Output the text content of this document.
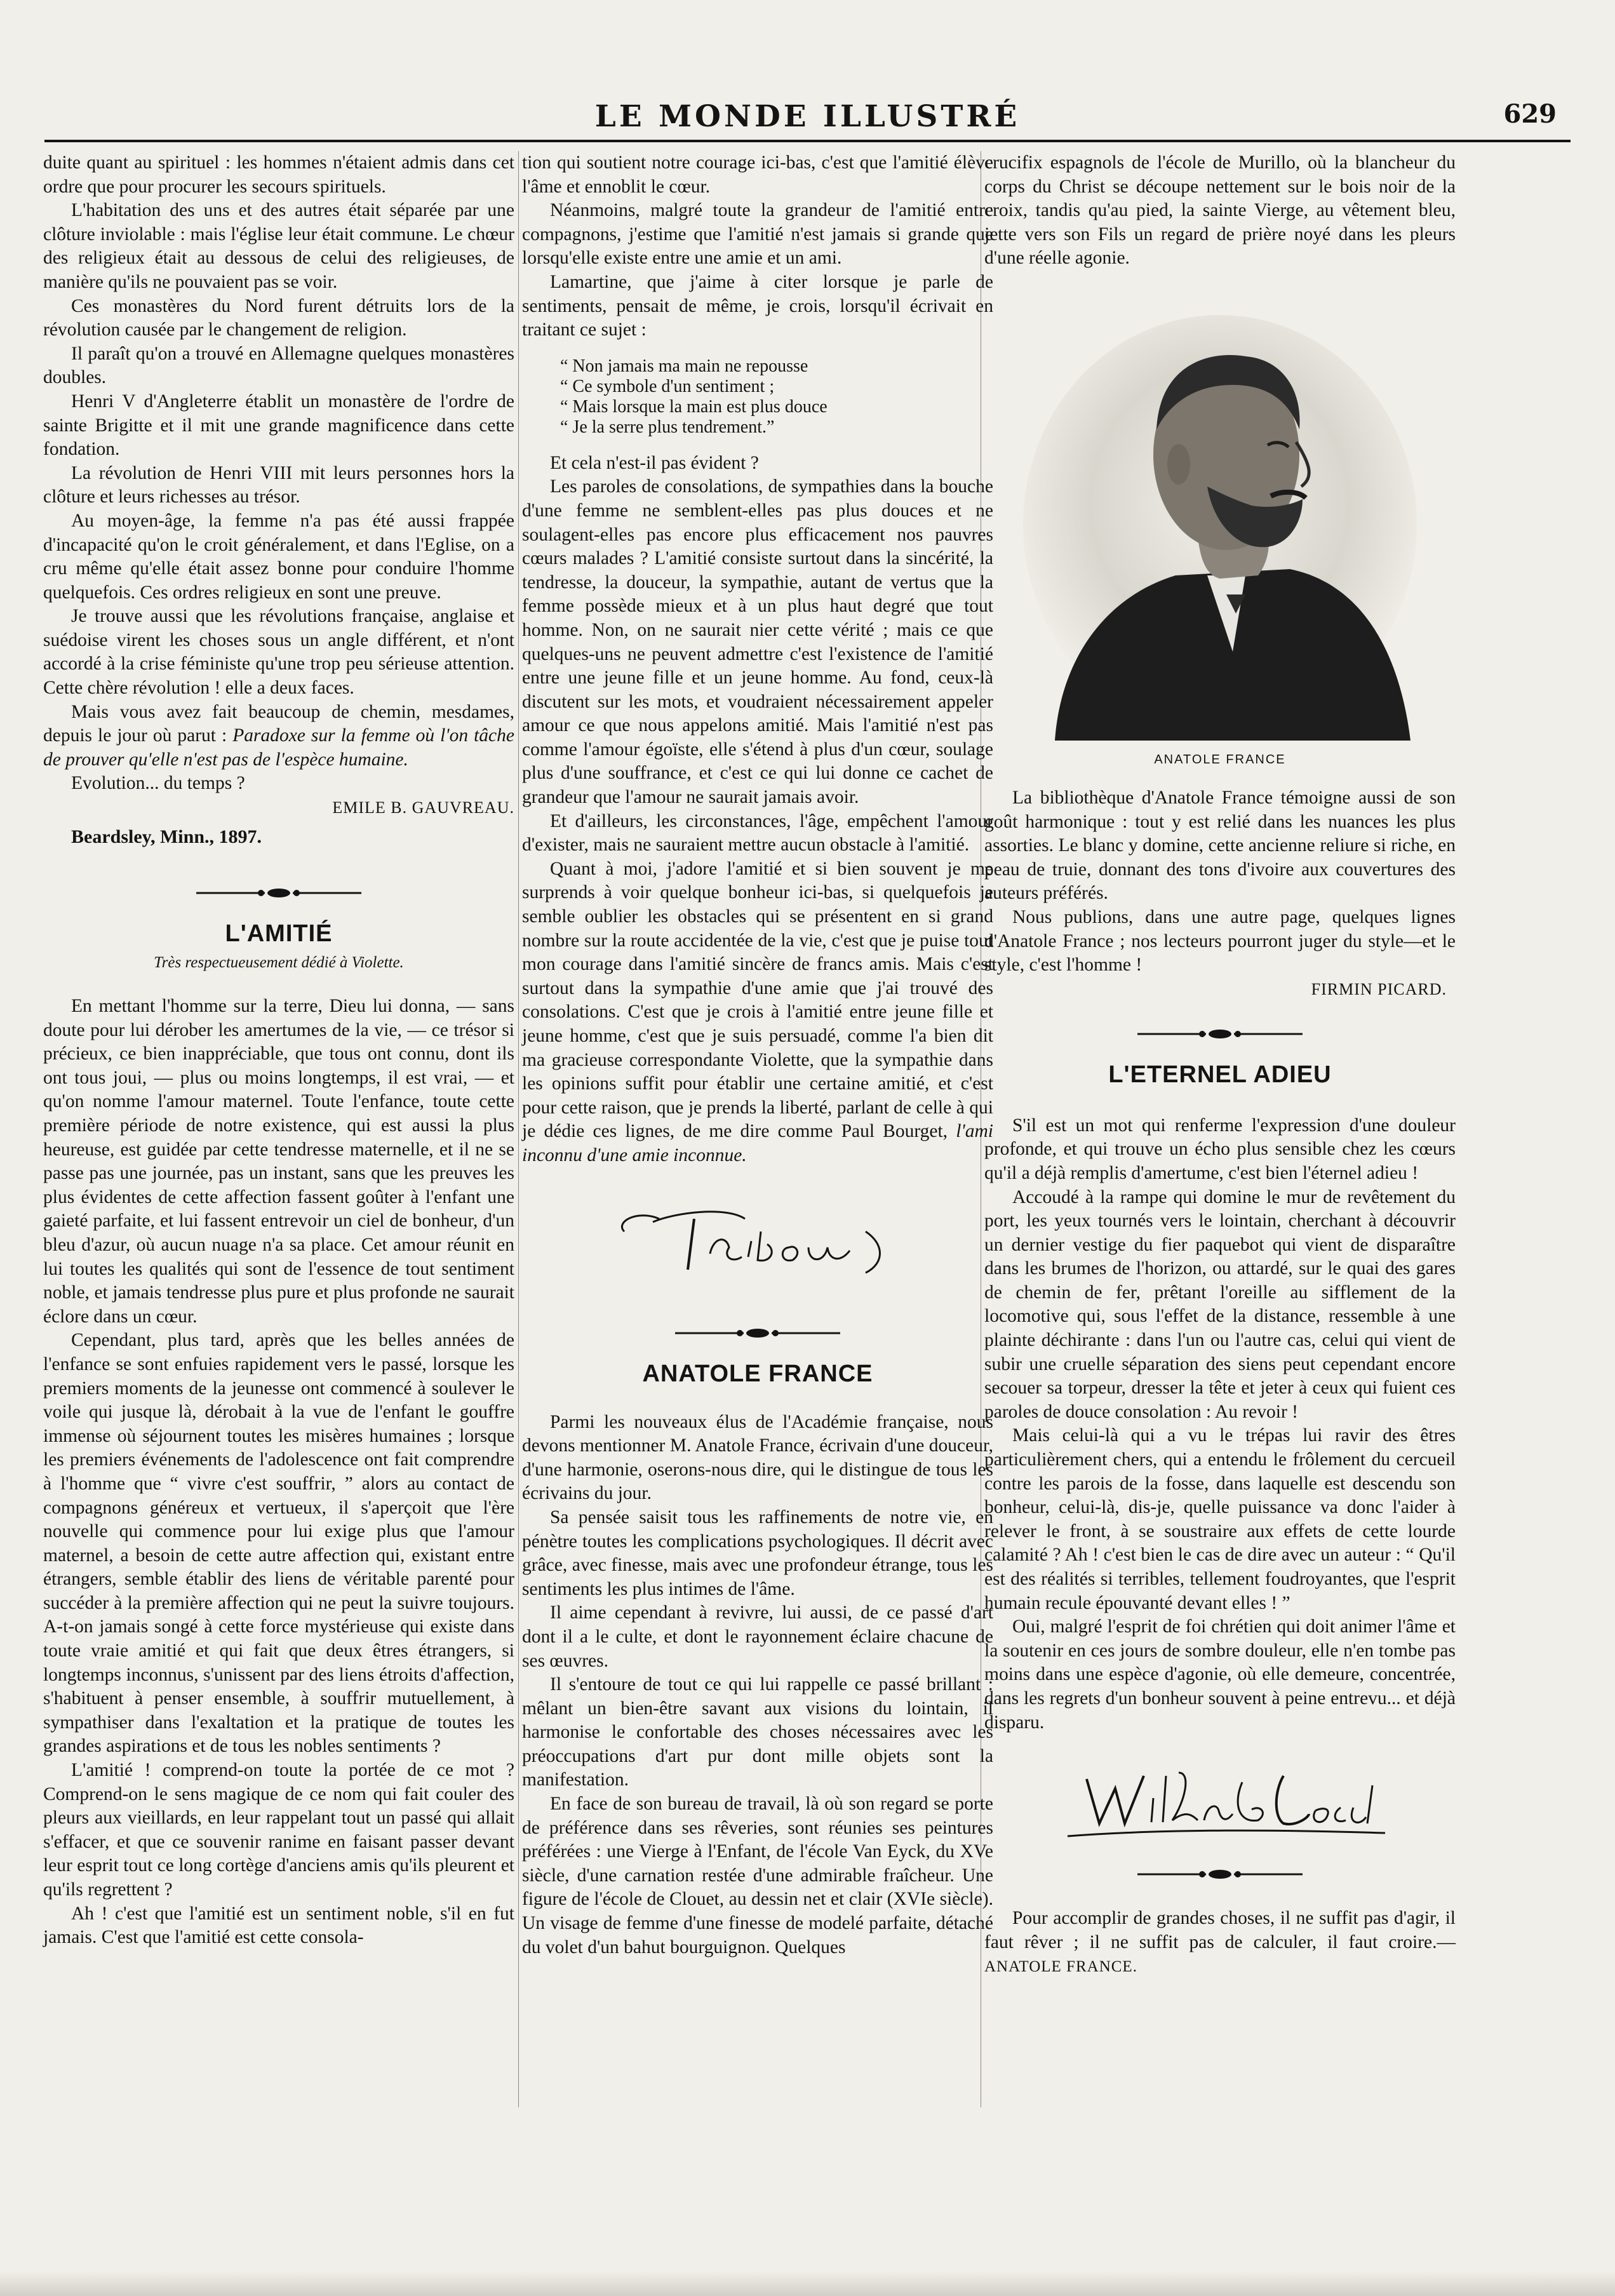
LE MONDE ILLUSTRÉ	629

duite quant au spirituel : les hommes n'étaient admis dans cet ordre que pour procurer les secours spirituels.

L'habitation des uns et des autres était séparée par une clôture inviolable : mais l'église leur était commune. Le chœur des religieux était au dessous de celui des religieuses, de manière qu'ils ne pouvaient pas se voir.

Ces monastères du Nord furent détruits lors de la révolution causée par le changement de religion.

Il paraît qu'on a trouvé en Allemagne quelques monastères doubles.

Henri V d'Angleterre établit un monastère de l'ordre de sainte Brigitte et il mit une grande magnificence dans cette fondation.

La révolution de Henri VIII mit leurs personnes hors la clôture et leurs richesses au trésor.

Au moyen-âge, la femme n'a pas été aussi frappée d'incapacité qu'on le croit généralement, et dans l'Eglise, on a cru même qu'elle était assez bonne pour conduire l'homme quelquefois. Ces ordres religieux en sont une preuve.

Je trouve aussi que les révolutions française, anglaise et suédoise virent les choses sous un angle différent, et n'ont accordé à la crise féministe qu'une trop peu sérieuse attention. Cette chère révolution ! elle a deux faces.

Mais vous avez fait beaucoup de chemin, mesdames, depuis le jour où parut : Paradoxe sur la femme où l'on tâche de prouver qu'elle n'est pas de l'espèce humaine.

Evolution... du temps ?

EMILE B. GAUVREAU.
Beardsley, Minn., 1897.
L'AMITIÉ
Très respectueusement dédié à Violette.

En mettant l'homme sur la terre, Dieu lui donna, — sans doute pour lui dérober les amertumes de la vie, — ce trésor si précieux, ce bien inappréciable, que tous ont connu, dont ils ont tous joui, — plus ou moins longtemps, il est vrai, — et qu'on nomme l'amour maternel. Toute l'enfance, toute cette première période de notre existence, qui est aussi la plus heureuse, est guidée par cette tendresse maternelle, et il ne se passe pas une journée, pas un instant, sans que les preuves les plus évidentes de cette affection fassent goûter à l'enfant une gaieté parfaite, et lui fassent entrevoir un ciel de bonheur, d'un bleu d'azur, où aucun nuage n'a sa place. Cet amour réunit en lui toutes les qualités qui sont de l'essence de tout sentiment noble, et jamais tendresse plus pure et plus profonde ne saurait éclore dans un cœur.

Cependant, plus tard, après que les belles années de l'enfance se sont enfuies rapidement vers le passé, lorsque les premiers moments de la jeunesse ont commencé à soulever le voile qui jusque là, dérobait à la vue de l'enfant le gouffre immense où séjournent toutes les misères humaines ; lorsque les premiers événements de l'adolescence ont fait comprendre à l'homme que “ vivre c'est souffrir, ” alors au contact de compagnons généreux et vertueux, il s'aperçoit que l'ère nouvelle qui commence pour lui exige plus que l'amour maternel, a besoin de cette autre affection qui, existant entre étrangers, semble établir des liens de véritable parenté pour succéder à la première affection qui ne peut la suivre toujours. A-t-on jamais songé à cette force mystérieuse qui existe dans toute vraie amitié et qui fait que deux êtres étrangers, si longtemps inconnus, s'unissent par des liens étroits d'affection, s'habituent à penser ensemble, à souffrir mutuellement, à sympathiser dans l'exaltation et la pratique de toutes les grandes aspirations et de tous les nobles sentiments ?

L'amitié ! comprend-on toute la portée de ce mot ? Comprend-on le sens magique de ce nom qui fait couler des pleurs aux vieillards, en leur rappelant tout un passé qui allait s'effacer, et que ce souvenir ranime en faisant passer devant leur esprit tout ce long cortège d'anciens amis qu'ils pleurent et qu'ils regrettent ?

Ah ! c'est que l'amitié est un sentiment noble, s'il en fut jamais. C'est que l'amitié est cette consola-

tion qui soutient notre courage ici-bas, c'est que l'amitié élève l'âme et ennoblit le cœur.

Néanmoins, malgré toute la grandeur de l'amitié entre compagnons, j'estime que l'amitié n'est jamais si grande que lorsqu'elle existe entre une amie et un ami.

Lamartine, que j'aime à citer lorsque je parle de sentiments, pensait de même, je crois, lorsqu'il écrivait en traitant ce sujet :

“ Non jamais ma main ne repousse
“ Ce symbole d'un sentiment ;
“ Mais lorsque la main est plus douce
“ Je la serre plus tendrement.”

Et cela n'est-il pas évident ?

Les paroles de consolations, de sympathies dans la bouche d'une femme ne semblent-elles pas plus douces et ne soulagent-elles pas encore plus efficacement nos pauvres cœurs malades ? L'amitié consiste surtout dans la sincérité, la tendresse, la douceur, la sympathie, autant de vertus que la femme possède mieux et à un plus haut degré que tout homme. Non, on ne saurait nier cette vérité ; mais ce que quelques-uns ne peuvent admettre c'est l'existence de l'amitié entre une jeune fille et un jeune homme. Au fond, ceux-là discutent sur les mots, et voudraient nécessairement appeler amour ce que nous appelons amitié. Mais l'amitié n'est pas comme l'amour égoïste, elle s'étend à plus d'un cœur, soulage plus d'une souffrance, et c'est ce qui lui donne ce cachet de grandeur que l'amour ne saurait jamais avoir.

Et d'ailleurs, les circonstances, l'âge, empêchent l'amour d'exister, mais ne sauraient mettre aucun obstacle à l'amitié.

Quant à moi, j'adore l'amitié et si bien souvent je me surprends à voir quelque bonheur ici-bas, si quelquefois je semble oublier les obstacles qui se présentent en si grand nombre sur la route accidentée de la vie, c'est que je puise tout mon courage dans l'amitié sincère de francs amis. Mais c'est surtout dans la sympathie d'une amie que j'ai trouvé des consolations. C'est que je crois à l'amitié entre jeune fille et jeune homme, c'est que je suis persuadé, comme l'a bien dit ma gracieuse correspondante Violette, que la sympathie dans les opinions suffit pour établir une certaine amitié, et c'est pour cette raison, que je prends la liberté, parlant de celle à qui je dédie ces lignes, de me dire comme Paul Bourget, l'ami inconnu d'une amie inconnue.

ANATOLE FRANCE

Parmi les nouveaux élus de l'Académie française, nous devons mentionner M. Anatole France, écrivain d'une douceur, d'une harmonie, oserons-nous dire, qui le distingue de tous les écrivains du jour.

Sa pensée saisit tous les raffinements de notre vie, en pénètre toutes les complications psychologiques. Il décrit avec grâce, avec finesse, mais avec une profondeur étrange, tous les sentiments les plus intimes de l'âme.

Il aime cependant à revivre, lui aussi, de ce passé d'art dont il a le culte, et dont le rayonnement éclaire chacune de ses œuvres.

Il s'entoure de tout ce qui lui rappelle ce passé brillant : mêlant un bien-être savant aux visions du lointain, il harmonise le confortable des choses nécessaires avec les préoccupations d'art pur dont mille objets sont la manifestation.

En face de son bureau de travail, là où son regard se porte de préférence dans ses rêveries, sont réunies ses peintures préférées : une Vierge à l'Enfant, de l'école Van Eyck, du XVe siècle, d'une carnation restée d'une admirable fraîcheur. Une figure de l'école de Clouet, au dessin net et clair (XVIe siècle). Un visage de femme d'une finesse de modelé parfaite, détaché du volet d'un bahut bourguignon. Quelques

crucifix espagnols de l'école de Murillo, où la blancheur du corps du Christ se découpe nettement sur le bois noir de la croix, tandis qu'au pied, la sainte Vierge, au vêtement bleu, jette vers son Fils un regard de prière noyé dans les pleurs d'une réelle agonie.

ANATOLE FRANCE

La bibliothèque d'Anatole France témoigne aussi de son goût harmonique : tout y est relié dans les nuances les plus assorties. Le blanc y domine, cette ancienne reliure si riche, en peau de truie, donnant des tons d'ivoire aux couvertures des auteurs préférés.

Nous publions, dans une autre page, quelques lignes d'Anatole France ; nos lecteurs pourront juger du style—et le style, c'est l'homme !

FIRMIN PICARD.
L'ETERNEL ADIEU

S'il est un mot qui renferme l'expression d'une douleur profonde, et qui trouve un écho plus sensible chez les cœurs qu'il a déjà remplis d'amertume, c'est bien l'éternel adieu !

Accoudé à la rampe qui domine le mur de revêtement du port, les yeux tournés vers le lointain, cherchant à découvrir un dernier vestige du fier paquebot qui vient de disparaître dans les brumes de l'horizon, ou attardé, sur le quai des gares de chemin de fer, prêtant l'oreille au sifflement de la locomotive qui, sous l'effet de la distance, ressemble à une plainte déchirante : dans l'un ou l'autre cas, celui qui vient de subir une cruelle séparation des siens peut cependant encore secouer sa torpeur, dresser la tête et jeter à ceux qui fuient ces paroles de douce consolation : Au revoir !

Mais celui-là qui a vu le trépas lui ravir des êtres particulièrement chers, qui a entendu le frôlement du cercueil contre les parois de la fosse, dans laquelle est descendu son bonheur, celui-là, dis-je, quelle puissance va donc l'aider à relever le front, à se soustraire aux effets de cette lourde calamité ? Ah ! c'est bien le cas de dire avec un auteur : “ Qu'il est des réalités si terribles, tellement foudroyantes, que l'esprit humain recule épouvanté devant elles ! ”

Oui, malgré l'esprit de foi chrétien qui doit animer l'âme et la soutenir en ces jours de sombre douleur, elle n'en tombe pas moins dans une espèce d'agonie, où elle demeure, concentrée, dans les regrets d'un bonheur souvent à peine entrevu... et déjà disparu.

Pour accomplir de grandes choses, il ne suffit pas d'agir, il faut rêver ; il ne suffit pas de calculer, il faut croire.—ANATOLE FRANCE.
